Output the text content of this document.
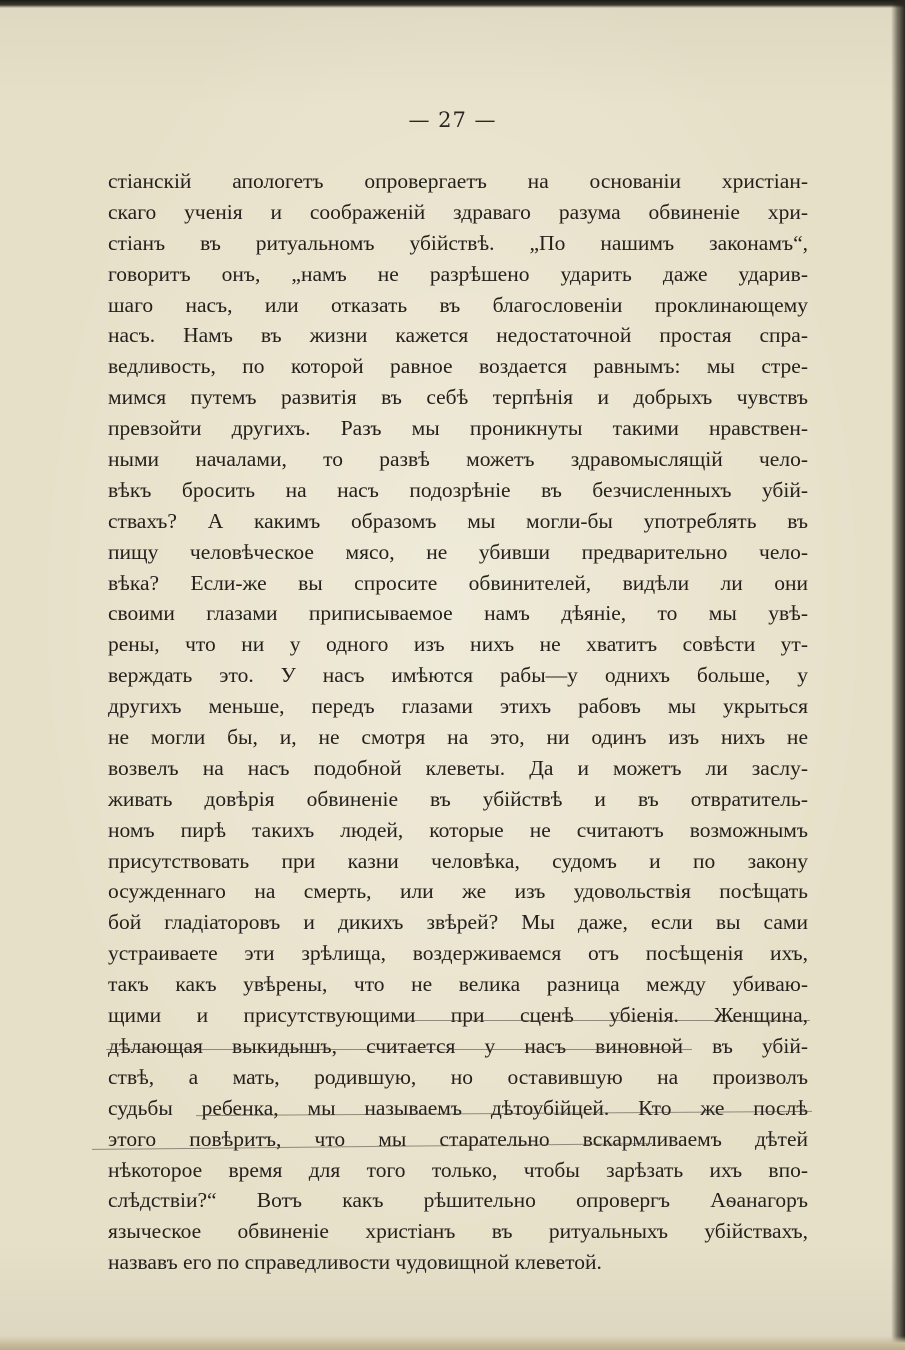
— 27 —
стіанскій апологетъ опровергаетъ на основаніи христіан-
скаго ученія и соображеній здраваго разума обвиненіе хри-
стіанъ въ ритуальномъ убійствѣ. „По нашимъ законамъ“,
говоритъ онъ, „намъ не разрѣшено ударить даже ударив-
шаго насъ, или отказать въ благословеніи проклинающему
насъ. Намъ въ жизни кажется недостаточной простая спра-
ведливость, по которой равное воздается равнымъ: мы стре-
мимся путемъ развитія въ себѣ терпѣнія и добрыхъ чувствъ
превзойти другихъ. Разъ мы проникнуты такими нравствен-
ными началами, то развѣ можетъ здравомыслящій чело-
вѣкъ бросить на насъ подозрѣніе въ безчисленныхъ убій-
ствахъ? А какимъ образомъ мы могли-бы употреблять въ
пищу человѣческое мясо, не убивши предварительно чело-
вѣка? Если-же вы спросите обвинителей, видѣли ли они
своими глазами приписываемое намъ дѣяніе, то мы увѣ-
рены, что ни у одного изъ нихъ не хватитъ совѣсти ут-
верждать это. У насъ имѣются рабы—у однихъ больше, у
другихъ меньше, передъ глазами этихъ рабовъ мы укрыться
не могли бы, и, не смотря на это, ни одинъ изъ нихъ не
возвелъ на насъ подобной клеветы. Да и можетъ ли заслу-
живать довѣрія обвиненіе въ убійствѣ и въ отвратитель-
номъ пирѣ такихъ людей, которые не считаютъ возможнымъ
присутствовать при казни человѣка, судомъ и по закону
осужденнаго на смерть, или же изъ удовольствія посѣщать
бой гладіаторовъ и дикихъ звѣрей? Мы даже, если вы сами
устраиваете эти зрѣлища, воздерживаемся отъ посѣщенія ихъ,
такъ какъ увѣрены, что не велика разница между убиваю-
щими и присутствующими при сценѣ убіенія. Женщина,
дѣлающая выкидышъ, считается у насъ виновной въ убій-
ствѣ, а мать, родившую, но оставившую на произволъ
судьбы ребенка, мы называемъ дѣтоубійцей. Кто же послѣ
этого повѣритъ, что мы старательно вскармливаемъ дѣтей
нѣкоторое время для того только, чтобы зарѣзать ихъ впо-
слѣдствіи?“ Вотъ какъ рѣшительно опровергъ Аѳанагоръ
языческое обвиненіе христіанъ въ ритуальныхъ убійствахъ,
назвавъ его по справедливости чудовищной клеветой.
